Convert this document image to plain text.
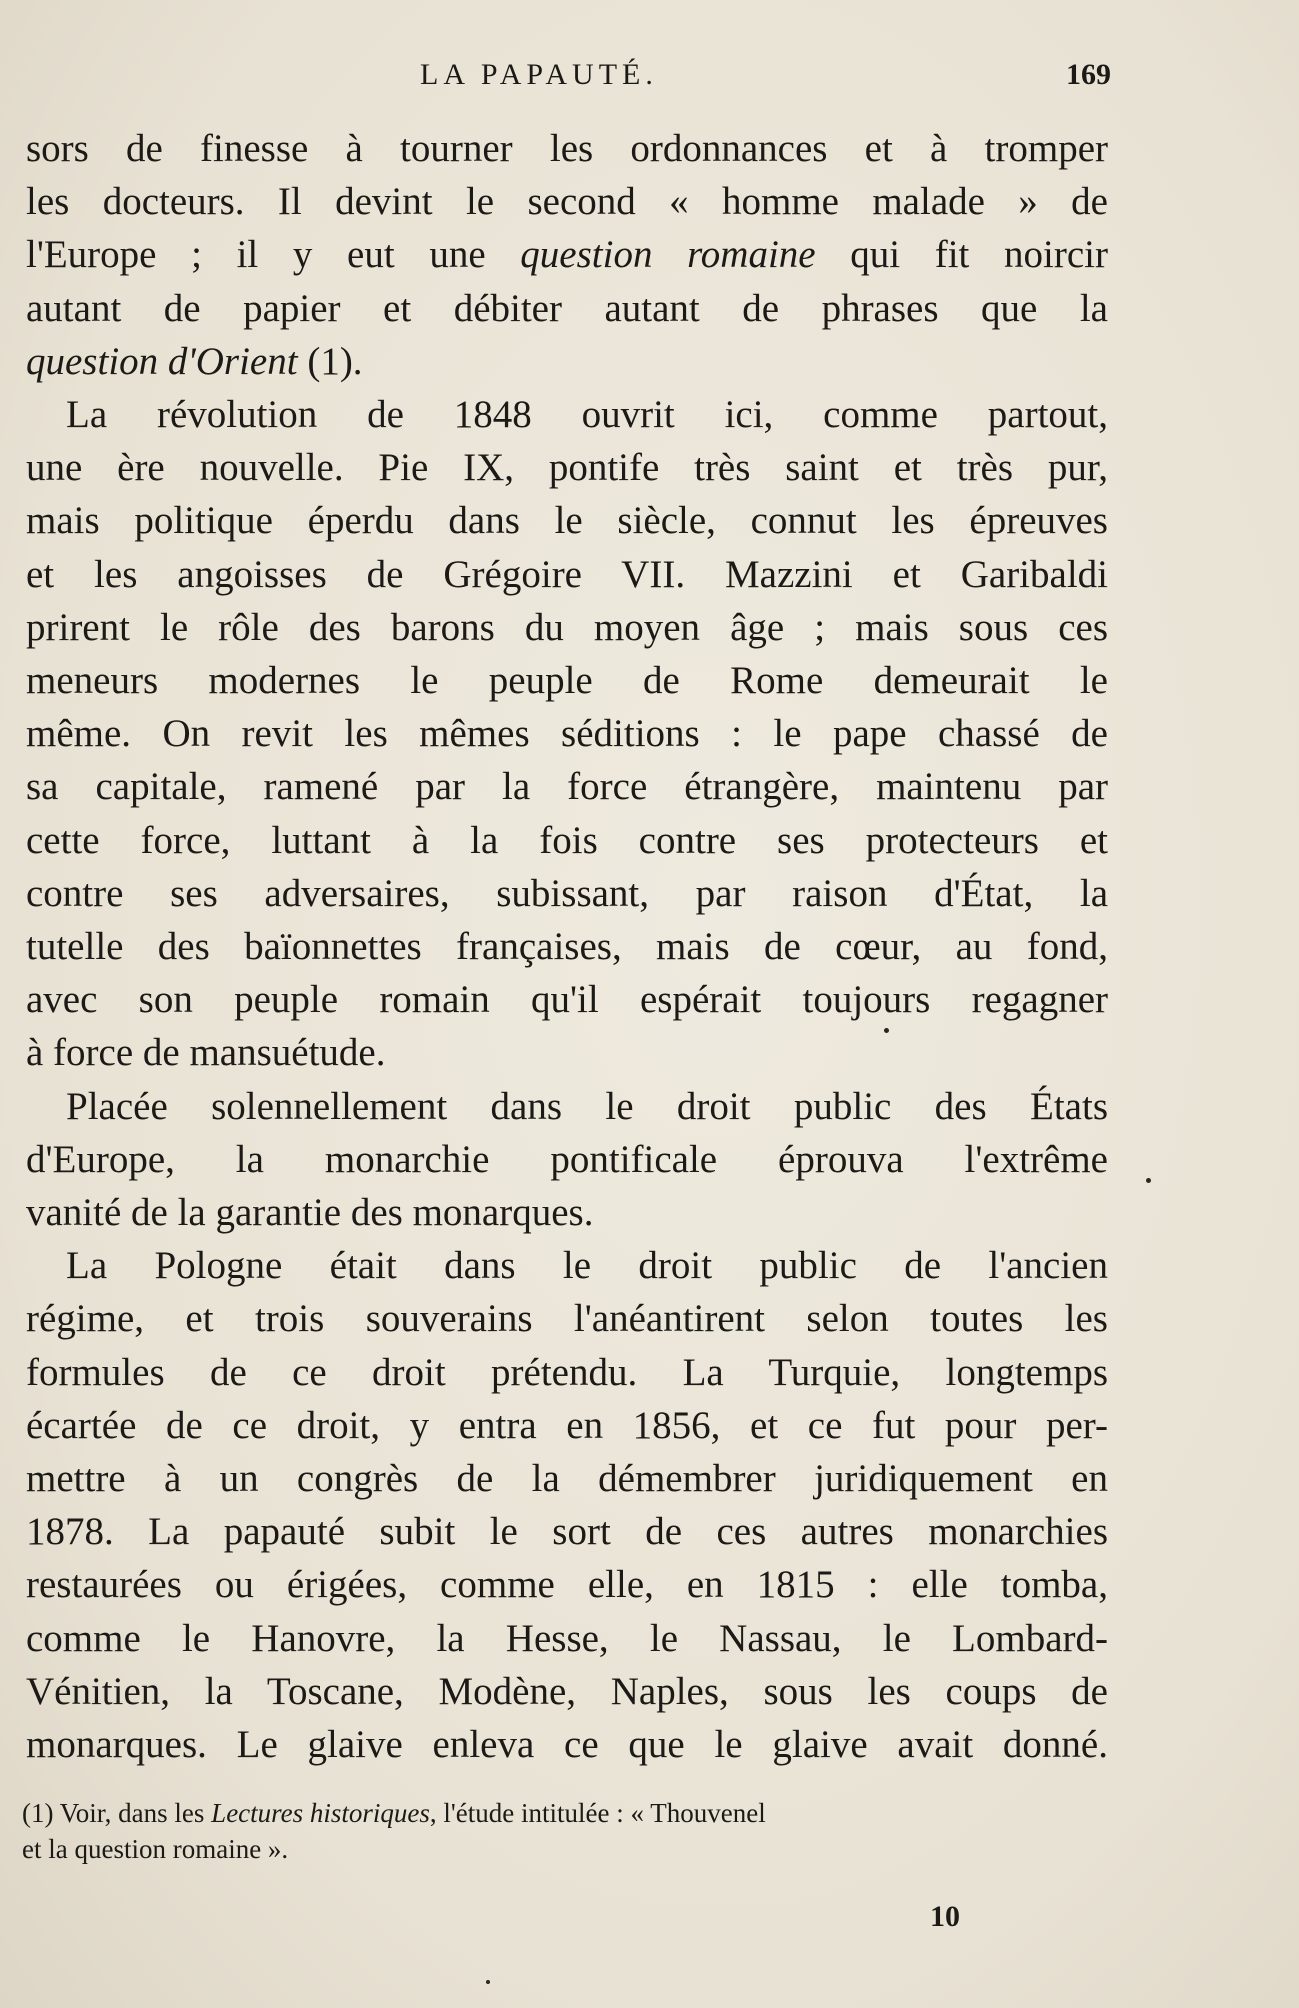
LA PAPAUTÉ.	169
sors de finesse à tourner les ordonnances et à tromper
les docteurs. Il devint le second « homme malade » de
l'Europe ; il y eut une question romaine qui fit noircir
autant de papier et débiter autant de phrases que la
question d'Orient (1).
La révolution de 1848 ouvrit ici, comme partout,
une ère nouvelle. Pie IX, pontife très saint et très pur,
mais politique éperdu dans le siècle, connut les épreuves
et les angoisses de Grégoire VII. Mazzini et Garibaldi
prirent le rôle des barons du moyen âge ; mais sous ces
meneurs modernes le peuple de Rome demeurait le
même. On revit les mêmes séditions : le pape chassé de
sa capitale, ramené par la force étrangère, maintenu par
cette force, luttant à la fois contre ses protecteurs et
contre ses adversaires, subissant, par raison d'État, la
tutelle des baïonnettes françaises, mais de cœur, au fond,
avec son peuple romain qu'il espérait toujours regagner
à force de mansuétude.
Placée solennellement dans le droit public des États
d'Europe, la monarchie pontificale éprouva l'extrême
vanité de la garantie des monarques.
La Pologne était dans le droit public de l'ancien
régime, et trois souverains l'anéantirent selon toutes les
formules de ce droit prétendu. La Turquie, longtemps
écartée de ce droit, y entra en 1856, et ce fut pour per-
mettre à un congrès de la démembrer juridiquement en
1878. La papauté subit le sort de ces autres monarchies
restaurées ou érigées, comme elle, en 1815 : elle tomba,
comme le Hanovre, la Hesse, le Nassau, le Lombard-
Vénitien, la Toscane, Modène, Naples, sous les coups de
monarques. Le glaive enleva ce que le glaive avait donné.
(1) Voir, dans les Lectures historiques, l'étude intitulée : « Thouvenel
et la question romaine ».
10
